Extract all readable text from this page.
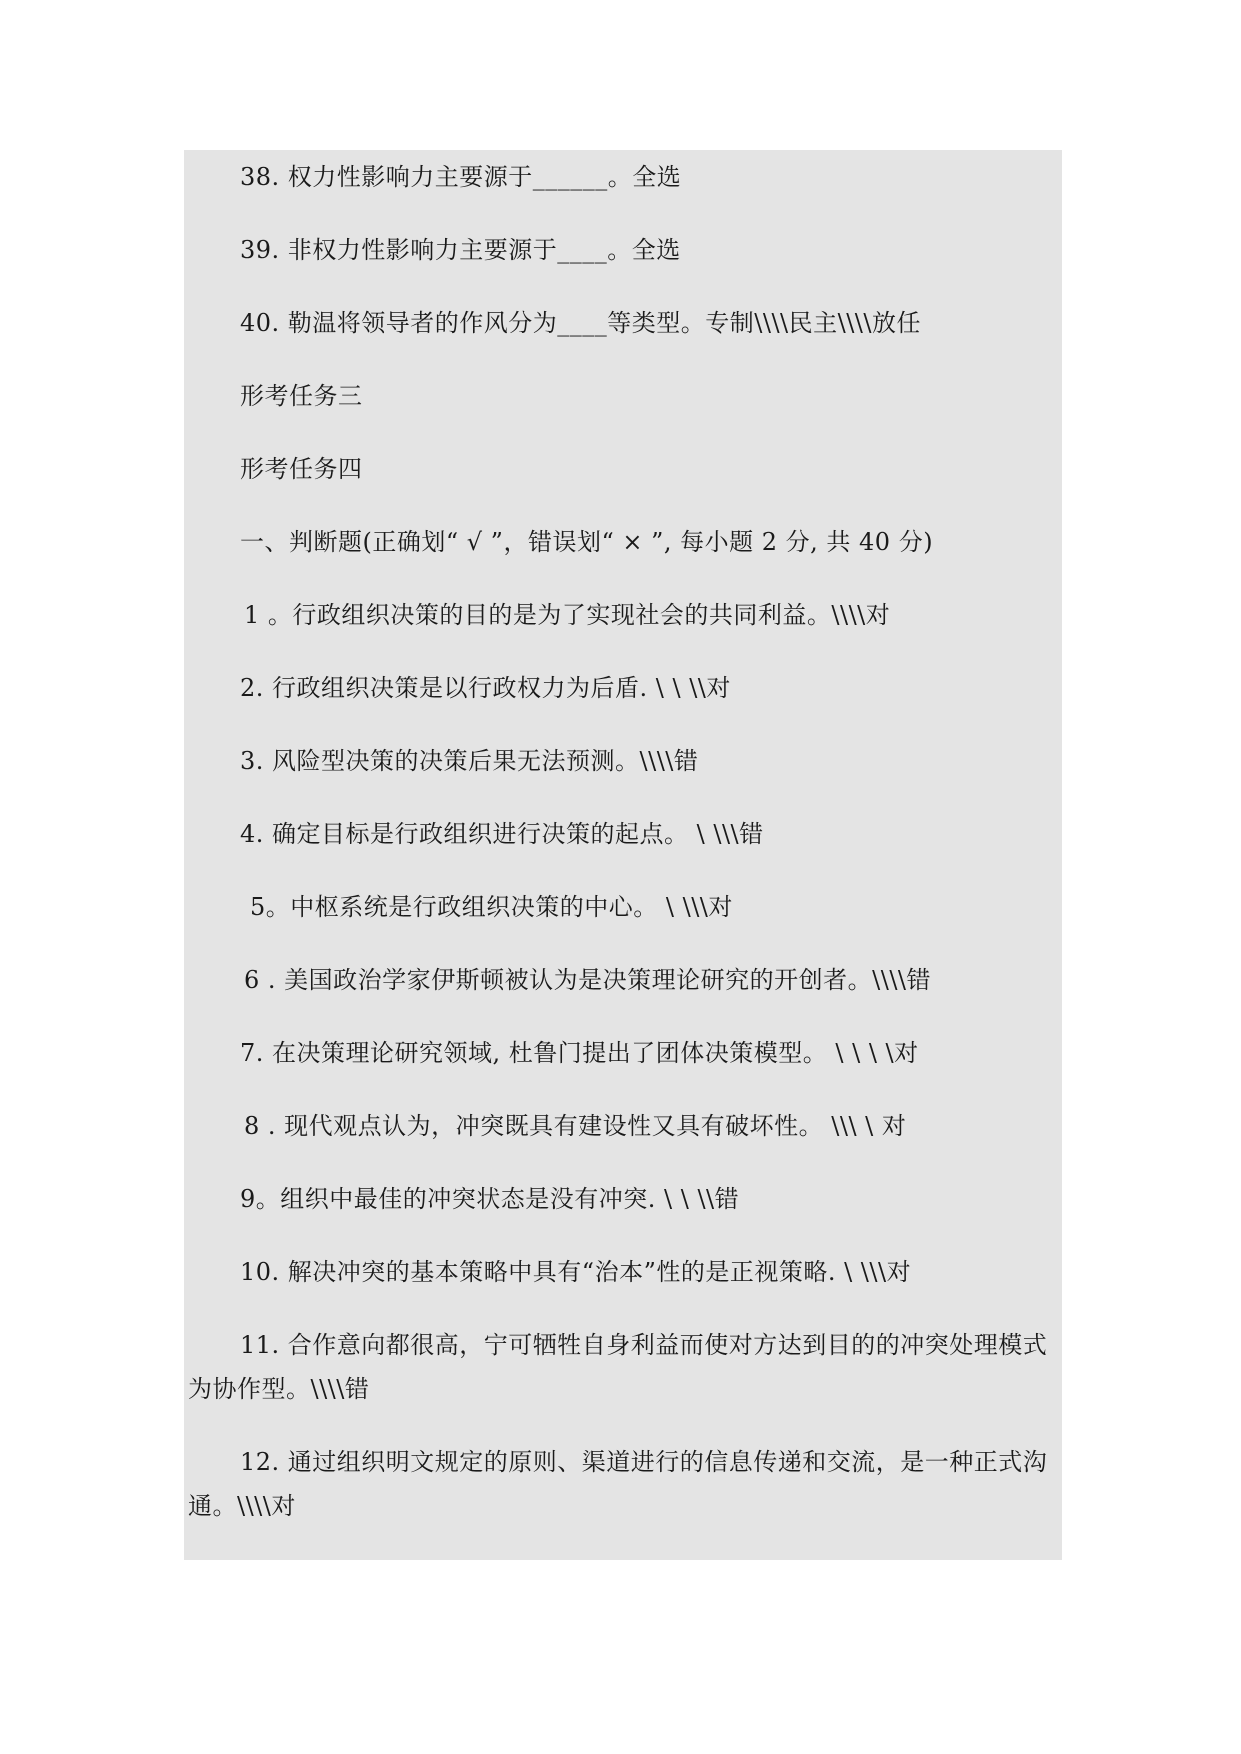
38. 权力性影响力主要源于______。全选
39. 非权力性影响力主要源于____。全选
40. 勒温将领导者的作风分为____等类型。专制\\\\民主\\\\放任
形考任务三
形考任务四
一、判断题(正确划“ √ ”，错误划“ × ”, 每小题 2 分, 共 40 分)
1 。行政组织决策的目的是为了实现社会的共同利益。\\\\对
2. 行政组织决策是以行政权力为后盾. \ \ \\对
3. 风险型决策的决策后果无法预测。\\\\错
4. 确定目标是行政组织进行决策的起点。 \ \\\错
5。中枢系统是行政组织决策的中心。 \ \\\对
6 . 美国政治学家伊斯顿被认为是决策理论研究的开创者。\\\\错
7. 在决策理论研究领域, 杜鲁门提出了团体决策模型。 \ \ \ \对
8 . 现代观点认为，冲突既具有建设性又具有破坏性。 \\\ \ 对
9。组织中最佳的冲突状态是没有冲突. \ \ \\错
10. 解决冲突的基本策略中具有“治本”性的是正视策略. \ \\\对
11. 合作意向都很高，宁可牺牲自身利益而使对方达到目的的冲突处理模式
为协作型。\\\\错
12. 通过组织明文规定的原则、渠道进行的信息传递和交流，是一种正式沟
通。\\\\对
